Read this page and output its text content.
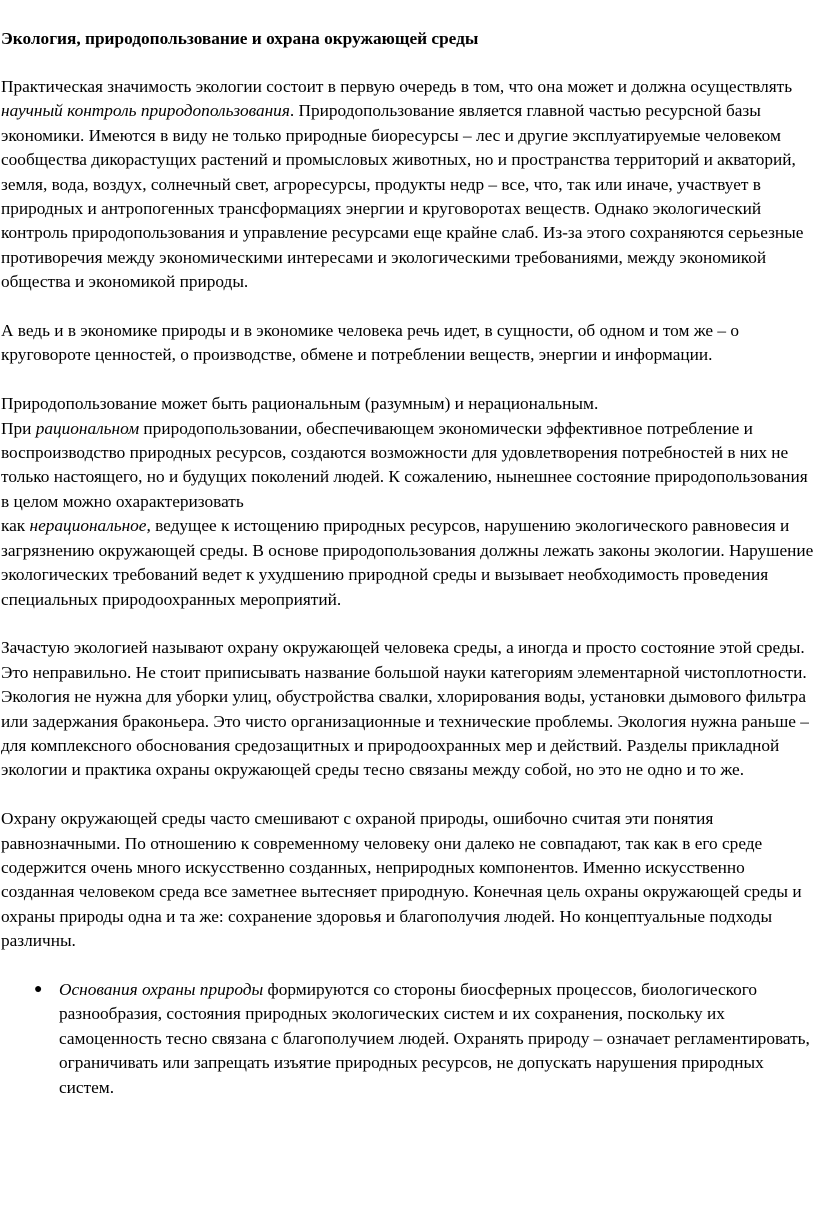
Экология, природопользование и охрана окружающей среды

Практическая значимость экологии состоит в первую очередь в том, что она может и должна осуществлять научный контроль природопользования. Природопользование является главной частью ресурсной базы экономики. Имеются в виду не только природные биоресурсы – лес и другие эксплуатируемые человеком сообщества дикорастущих растений и промысловых животных, но и пространства территорий и акваторий, земля, вода, воздух, солнечный свет, агроресурсы, продукты недр – все, что, так или иначе, участвует в природных и антропогенных трансформациях энергии и круговоротах веществ. Однако экологический
контроль природопользования и управление ресурсами еще крайне слаб. Из-за этого сохраняются серьезные противоречия между экономическими интересами и экологическими требованиями, между экономикой общества и экономикой природы.

А ведь и в экономике природы и в экономике человека речь идет, в сущности, об одном и том же – о круговороте ценностей, о производстве, обмене и потреблении веществ, энергии и информации.

Природопользование может быть рациональным (разумным) и нерациональным.
При рациональном природопользовании, обеспечивающем экономически эффективное потребление и воспроизводство природных ресурсов, создаются возможности для удовлетворения потребностей в них не только настоящего, но и будущих поколений людей. К сожалению, нынешнее состояние природопользования в целом можно охарактеризовать
как нерациональное, ведущее к истощению природных ресурсов, нарушению экологического равновесия и загрязнению окружающей среды. В основе природопользования должны лежать законы экологии. Нарушение экологических требований ведет к ухудшению природной среды и вызывает необходимость проведения специальных природоохранных мероприятий.

Зачастую экологией называют охрану окружающей человека среды, а иногда и просто состояние этой среды. Это неправильно. Не стоит приписывать название большой науки категориям элементарной чистоплотности. Экология не нужна для уборки улиц, обустройства свалки, хлорирования воды, установки дымового фильтра или задержания браконьера. Это чисто организационные и технические проблемы. Экология нужна раньше – для комплексного обоснования средозащитных и природоохранных мер и действий. Разделы прикладной экологии и практика охраны окружающей среды тесно связаны между собой, но это не одно и то же.

Охрану окружающей среды часто смешивают с охраной природы, ошибочно считая эти понятия равнозначными. По отношению к современному человеку они далеко не совпадают, так как в его среде содержится очень много искусственно созданных, неприродных компонентов. Именно искусственно созданная человеком среда все заметнее вытесняет природную. Конечная цель охраны окружающей среды и охраны природы одна и та же: сохранение здоровья и благополучия людей. Но концептуальные подходы различны.

● Основания охраны природы формируются со стороны биосферных процессов, биологического разнообразия, состояния природных экологических систем и их сохранения, поскольку их самоценность тесно связана с благополучием людей. Охранять природу – означает регламентировать, ограничивать или запрещать изъятие природных ресурсов, не допускать нарушения природных систем.
